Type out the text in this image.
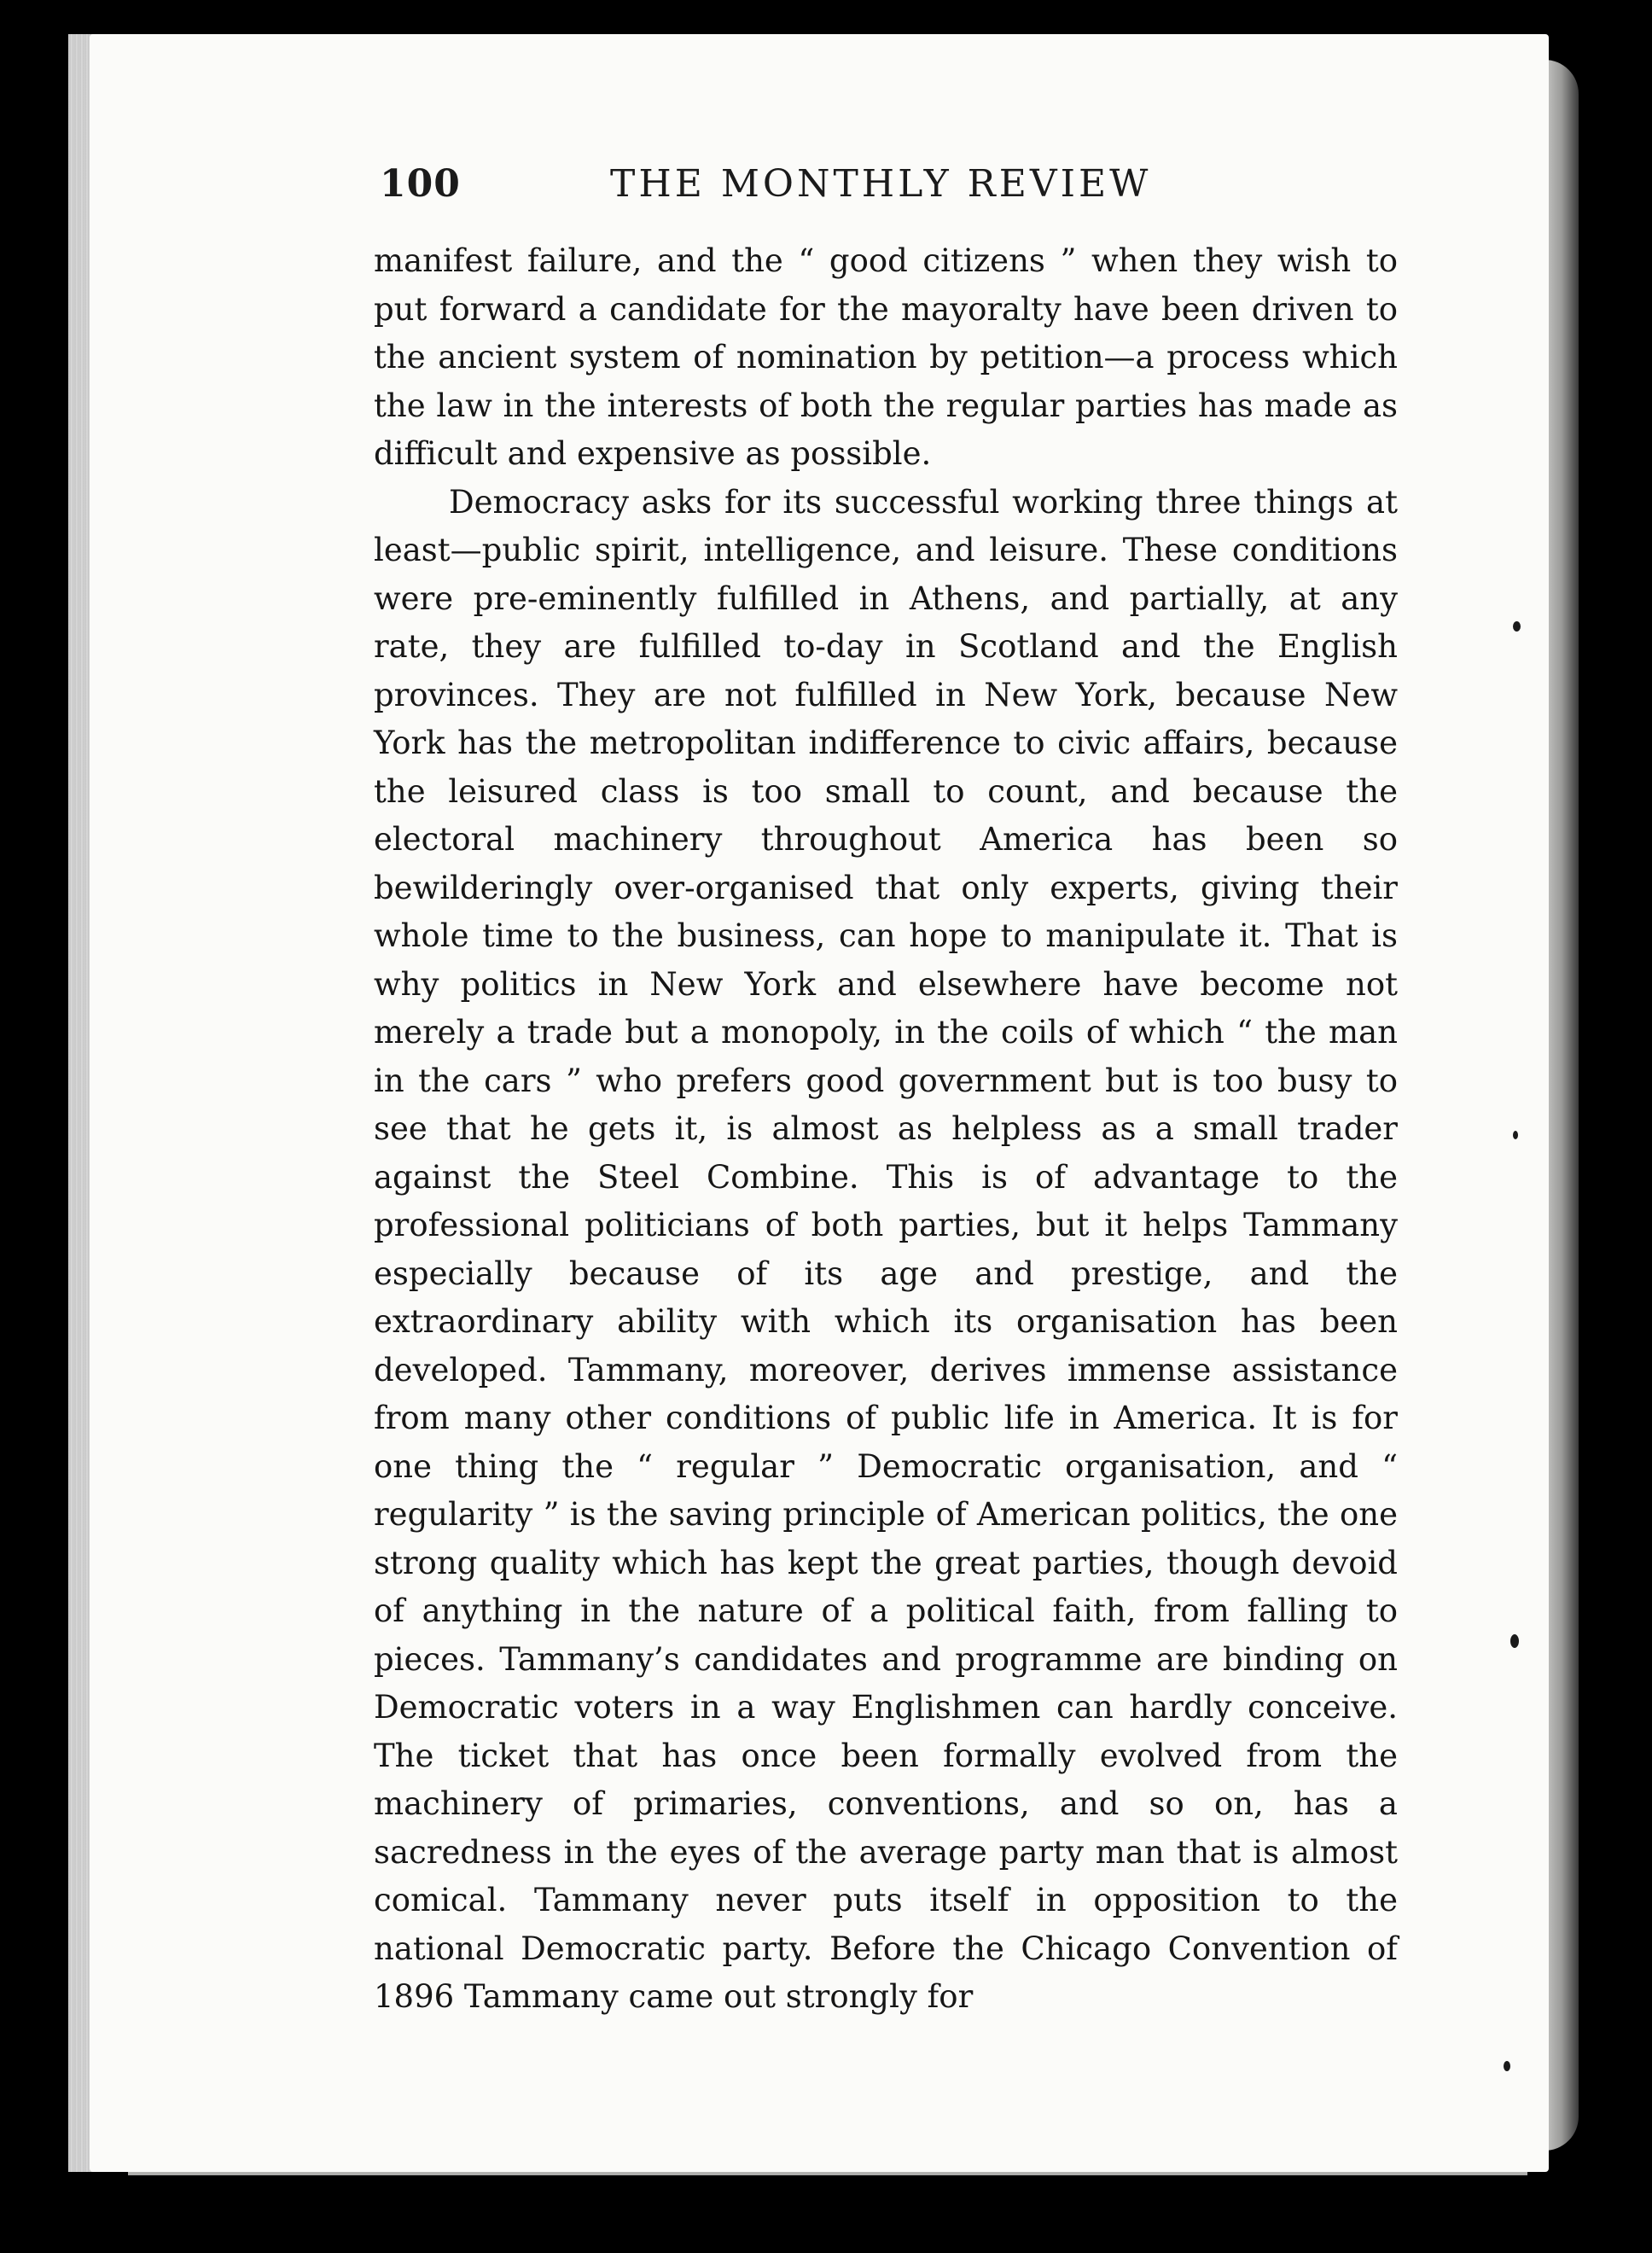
100	THE MONTHLY REVIEW

manifest failure, and the “ good citizens ” when they wish to put forward a candidate for the mayoralty have been driven to the ancient system of nomination by petition—a process which the law in the interests of both the regular parties has made as difficult and expensive as possible.

Democracy asks for its successful working three things at least—public spirit, intelligence, and leisure. These conditions were pre-eminently fulfilled in Athens, and partially, at any rate, they are fulfilled to-day in Scotland and the English provinces. They are not fulfilled in New York, because New York has the metropolitan indifference to civic affairs, because the leisured class is too small to count, and because the electoral machinery throughout America has been so bewilderingly over-organised that only experts, giving their whole time to the business, can hope to manipulate it. That is why politics in New York and elsewhere have become not merely a trade but a monopoly, in the coils of which “ the man in the cars ” who prefers good government but is too busy to see that he gets it, is almost as helpless as a small trader against the Steel Combine. This is of advantage to the professional politicians of both parties, but it helps Tammany especially because of its age and prestige, and the extraordinary ability with which its organisation has been developed. Tammany, moreover, derives immense assistance from many other conditions of public life in America. It is for one thing the “ regular ” Democratic organisation, and “ regularity ” is the saving principle of American politics, the one strong quality which has kept the great parties, though devoid of anything in the nature of a political faith, from falling to pieces. Tammany’s candidates and programme are binding on Democratic voters in a way Englishmen can hardly conceive. The ticket that has once been formally evolved from the machinery of primaries, conventions, and so on, has a sacredness in the eyes of the average party man that is almost comical. Tammany never puts itself in opposition to the national Democratic party. Before the Chicago Convention of 1896 Tammany came out strongly for
